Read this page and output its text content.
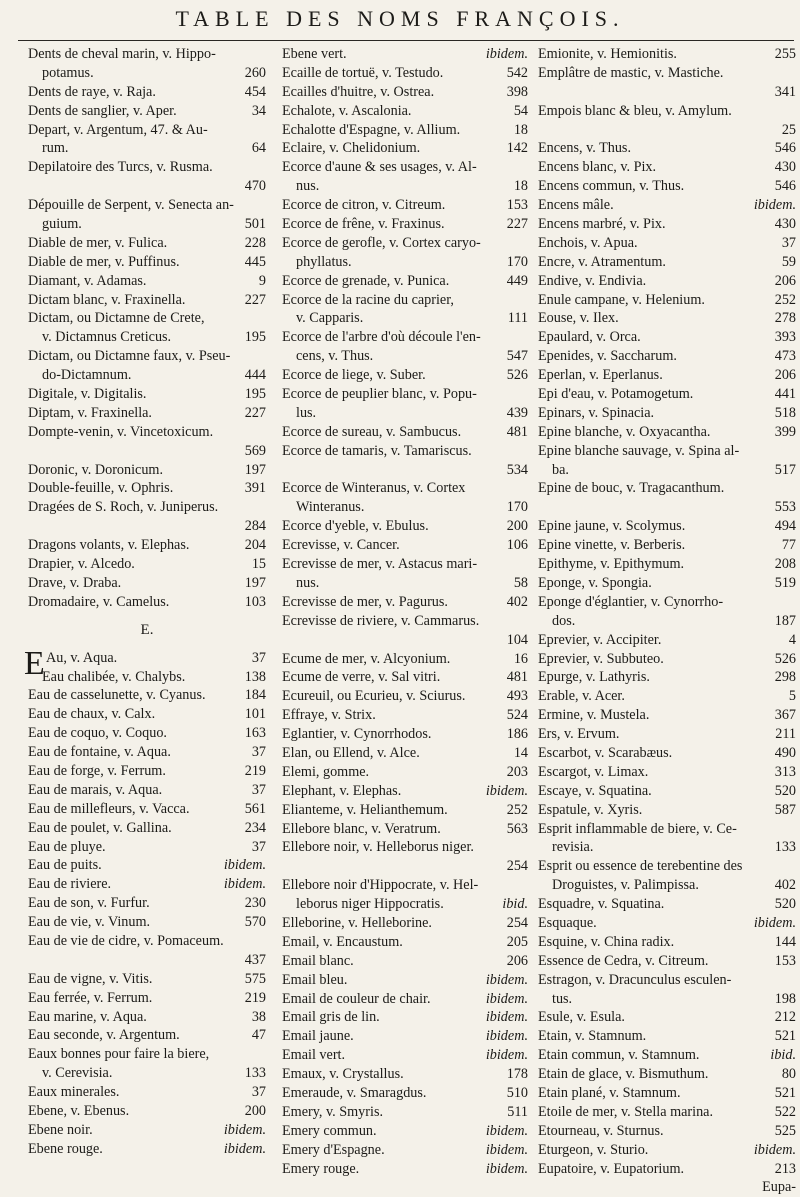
TABLE DES NOMS FRANÇOIS.
Dents de cheval marin, v. Hippo-
potamus.	260
Dents de raye, v. Raja.	454
Dents de sanglier, v. Aper.	34
Depart, v. Argentum, 47. & Au-
rum.	64
Depilatoire des Turcs, v. Rusma.
470
Dépouille de Serpent, v. Senecta an-
guium.	501
Diable de mer, v. Fulica.	228
Diable de mer, v. Puffinus.	445
Diamant, v. Adamas.	9
Dictam blanc, v. Fraxinella.	227
Dictam, ou Dictamne de Crete,
v. Dictamnus Creticus.	195
Dictam, ou Dictamne faux, v. Pseu-
do-Dictamnum.	444
Digitale, v. Digitalis.	195
Diptam, v. Fraxinella.	227
Dompte-venin, v. Vincetoxicum.
569
Doronic, v. Doronicum.	197
Double-feuille, v. Ophris.	391
Dragées de S. Roch, v. Juniperus.
284
Dragons volants, v. Elephas.	204
Drapier, v. Alcedo.	15
Drave, v. Draba.	197
Dromadaire, v. Camelus.	103
E.
E Au, v. Aqua.	37
Eau chalibée, v. Chalybs.	138
Eau de casselunette, v. Cyanus.	184
Eau de chaux, v. Calx.	101
Eau de coquo, v. Coquo.	163
Eau de fontaine, v. Aqua.	37
Eau de forge, v. Ferrum.	219
Eau de marais, v. Aqua.	37
Eau de millefleurs, v. Vacca.	561
Eau de poulet, v. Gallina.	234
Eau de pluye.	37
Eau de puits.	ibidem.
Eau de riviere.	ibidem.
Eau de son, v. Furfur.	230
Eau de vie, v. Vinum.	570
Eau de vie de cidre, v. Pomaceum.
437
Eau de vigne, v. Vitis.	575
Eau ferrée, v. Ferrum.	219
Eau marine, v. Aqua.	38
Eau seconde, v. Argentum.	47
Eaux bonnes pour faire la biere,
v. Cerevisia.	133
Eaux minerales.	37
Ebene, v. Ebenus.	200
Ebene noir.	ibidem.
Ebene rouge.	ibidem.
Ebene vert.	ibidem.
Ecaille de tortuë, v. Testudo.	542
Ecailles d'huitre, v. Ostrea.	398
Echalote, v. Ascalonia.	54
Echalotte d'Espagne, v. Allium.	18
Eclaire, v. Chelidonium.	142
Ecorce d'aune & ses usages, v. Al-
nus.	18
Ecorce de citron, v. Citreum.	153
Ecorce de frêne, v. Fraxinus.	227
Ecorce de gerofle, v. Cortex caryo-
phyllatus.	170
Ecorce de grenade, v. Punica.	449
Ecorce de la racine du caprier,
v. Capparis.	111
Ecorce de l'arbre d'où découle l'en-
cens, v. Thus.	547
Ecorce de liege, v. Suber.	526
Ecorce de peuplier blanc, v. Popu-
lus.	439
Ecorce de sureau, v. Sambucus.	481
Ecorce de tamaris, v. Tamariscus.
534
Ecorce de Winteranus, v. Cortex
Winteranus.	170
Ecorce d'yeble, v. Ebulus.	200
Ecrevisse, v. Cancer.	106
Ecrevisse de mer, v. Astacus mari-
nus.	58
Ecrevisse de mer, v. Pagurus.	402
Ecrevisse de riviere, v. Cammarus.
104
Ecume de mer, v. Alcyonium.	16
Ecume de verre, v. Sal vitri.	481
Ecureuil, ou Ecurieu, v. Sciurus.	493
Effraye, v. Strix.	524
Eglantier, v. Cynorrhodos.	186
Elan, ou Ellend, v. Alce.	14
Elemi, gomme.	203
Elephant, v. Elephas.	ibidem.
Elianteme, v. Helianthemum.	252
Ellebore blanc, v. Veratrum.	563
Ellebore noir, v. Helleborus niger.
254
Ellebore noir d'Hippocrate, v. Hel-
leborus niger Hippocratis.	ibid.
Elleborine, v. Helleborine.	254
Email, v. Encaustum.	205
Email blanc.	206
Email bleu.	ibidem.
Email de couleur de chair.	ibidem.
Email gris de lin.	ibidem.
Email jaune.	ibidem.
Email vert.	ibidem.
Emaux, v. Crystallus.	178
Emeraude, v. Smaragdus.	510
Emery, v. Smyris.	511
Emery commun.	ibidem.
Emery d'Espagne.	ibidem.
Emery rouge.	ibidem.
Emionite, v. Hemionitis.	255
Emplâtre de mastic, v. Mastiche.
341
Empois blanc & bleu, v. Amylum.
25
Encens, v. Thus.	546
Encens blanc, v. Pix.	430
Encens commun, v. Thus.	546
Encens mâle.	ibidem.
Encens marbré, v. Pix.	430
Enchois, v. Apua.	37
Encre, v. Atramentum.	59
Endive, v. Endivia.	206
Enule campane, v. Helenium.	252
Eouse, v. Ilex.	278
Epaulard, v. Orca.	393
Epenides, v. Saccharum.	473
Eperlan, v. Eperlanus.	206
Epi d'eau, v. Potamogetum.	441
Epinars, v. Spinacia.	518
Epine blanche, v. Oxyacantha.	399
Epine blanche sauvage, v. Spina al-
ba.	517
Epine de bouc, v. Tragacanthum.
553
Epine jaune, v. Scolymus.	494
Epine vinette, v. Berberis.	77
Epithyme, v. Epithymum.	208
Eponge, v. Spongia.	519
Eponge d'églantier, v. Cynorrho-
dos.	187
Eprevier, v. Accipiter.	4
Eprevier, v. Subbuteo.	526
Epurge, v. Lathyris.	298
Erable, v. Acer.	5
Ermine, v. Mustela.	367
Ers, v. Ervum.	211
Escarbot, v. Scarabæus.	490
Escargot, v. Limax.	313
Escaye, v. Squatina.	520
Espatule, v. Xyris.	587
Esprit inflammable de biere, v. Ce-
revisia.	133
Esprit ou essence de terebentine des
Droguistes, v. Palimpissa.	402
Esquadre, v. Squatina.	520
Esquaque.	ibidem.
Esquine, v. China radix.	144
Essence de Cedra, v. Citreum.	153
Estragon, v. Dracunculus esculen-
tus.	198
Esule, v. Esula.	212
Etain, v. Stamnum.	521
Etain commun, v. Stamnum.	ibid.
Etain de glace, v. Bismuthum.	80
Etain plané, v. Stamnum.	521
Etoile de mer, v. Stella marina.	522
Etourneau, v. Sturnus.	525
Eturgeon, v. Sturio.	ibidem.
Eupatoire, v. Eupatorium.	213
Eupa-
